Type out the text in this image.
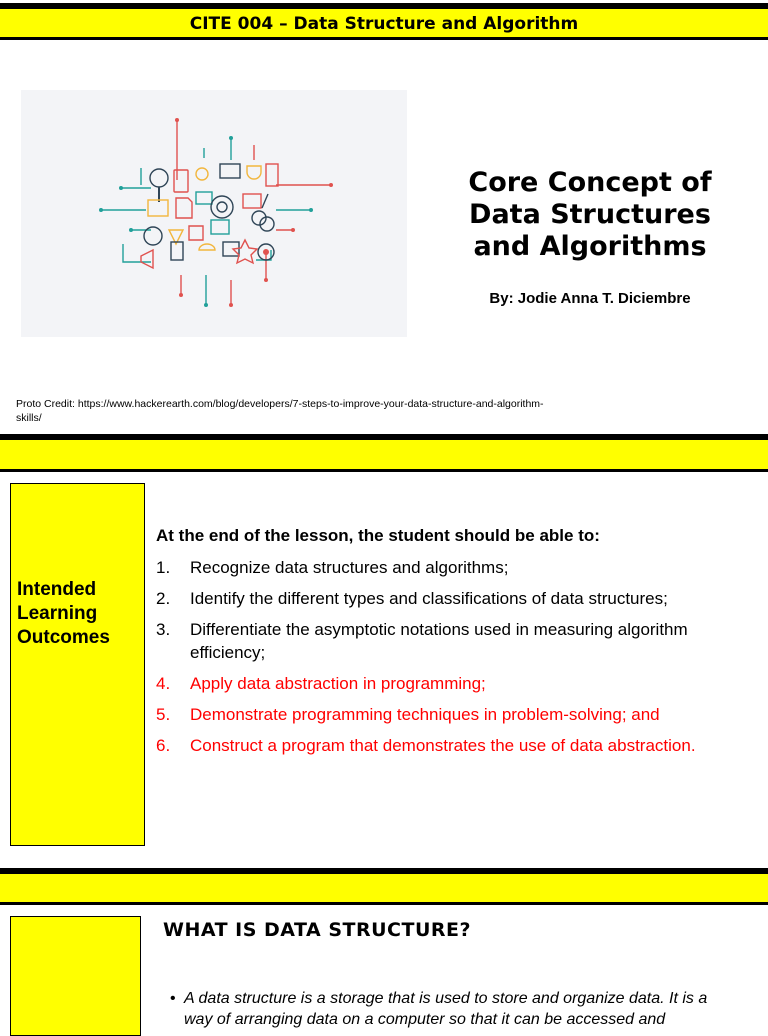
CITE 004 – Data Structure and Algorithm
Core Concept of
Data Structures
and Algorithms
By: Jodie Anna T. Diciembre
Proto Credit: https://www.hackerearth.com/blog/developers/7-steps-to-improve-your-data-structure-and-algorithm-skills/
Intended
Learning
Outcomes
At the end of the lesson, the student should be able to:
1.	Recognize data structures and algorithms;
2.	Identify the different types and classifications of data structures;
3.	Differentiate the asymptotic notations used in measuring algorithm efficiency;
4.	Apply data abstraction in programming;
5.	Demonstrate programming techniques in problem-solving; and
6.	Construct a program that demonstrates the use of data abstraction.
WHAT IS DATA STRUCTURE?
• A data structure is a storage that is used to store and organize data. It is a way of arranging data on a computer so that it can be accessed and
